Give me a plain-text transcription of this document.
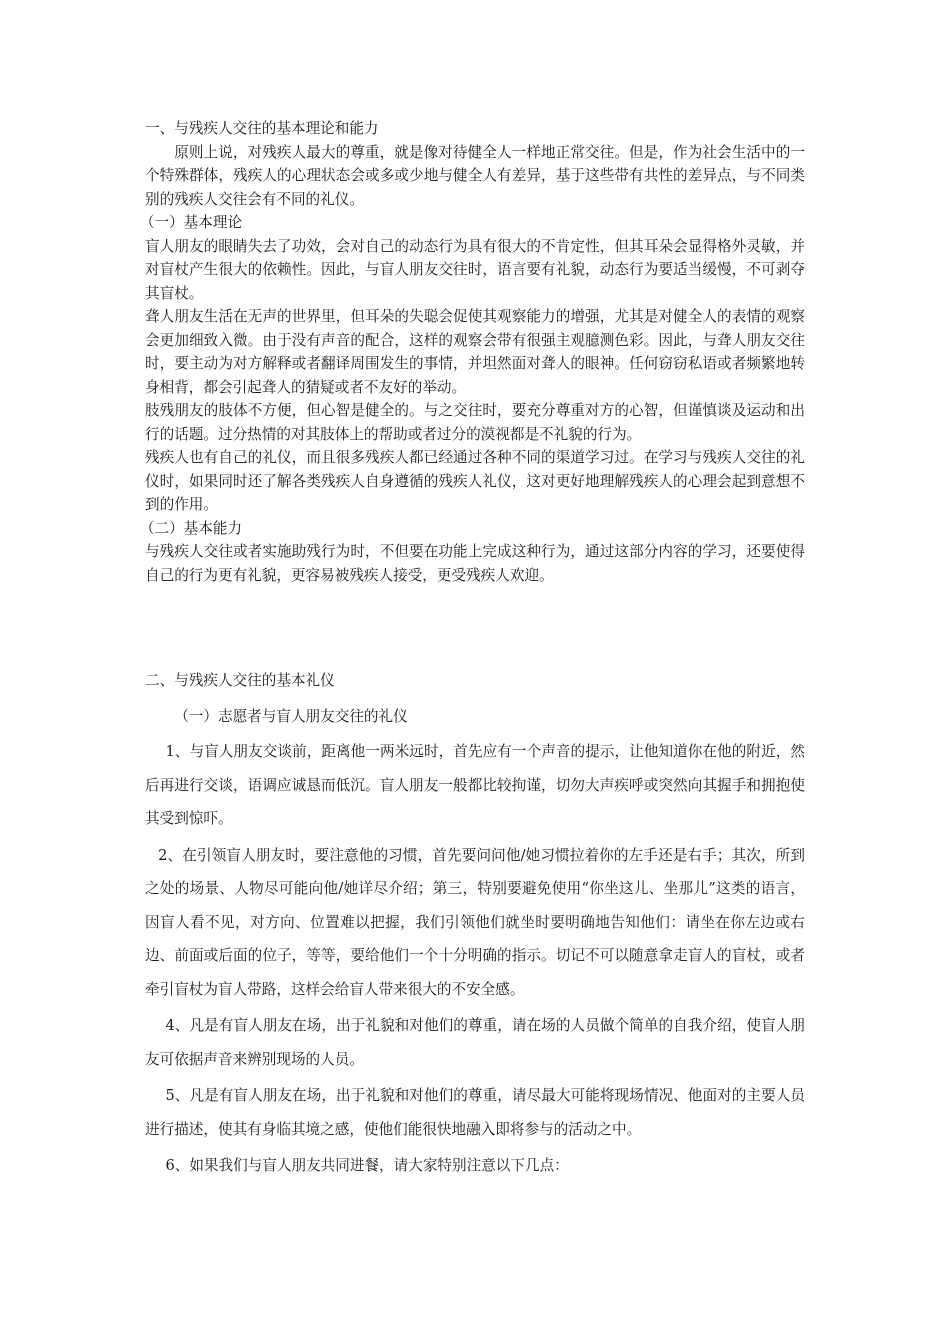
一、与残疾人交往的基本理论和能力

原则上说，对残疾人最大的尊重，就是像对待健全人一样地正常交往。但是，作为社会生活中的一个特殊群体，残疾人的心理状态会或多或少地与健全人有差异，基于这些带有共性的差异点，与不同类别的残疾人交往会有不同的礼仪。

（一）基本理论

盲人朋友的眼睛失去了功效，会对自己的动态行为具有很大的不肯定性，但其耳朵会显得格外灵敏，并对盲杖产生很大的依赖性。因此，与盲人朋友交往时，语言要有礼貌，动态行为要适当缓慢，不可剥夺其盲杖。

聋人朋友生活在无声的世界里，但耳朵的失聪会促使其观察能力的增强，尤其是对健全人的表情的观察会更加细致入微。由于没有声音的配合，这样的观察会带有很强主观臆测色彩。因此，与聋人朋友交往时，要主动为对方解释或者翻译周围发生的事情，并坦然面对聋人的眼神。任何窃窃私语或者频繁地转身相背，都会引起聋人的猜疑或者不友好的举动。

肢残朋友的肢体不方便，但心智是健全的。与之交往时，要充分尊重对方的心智，但谨慎谈及运动和出行的话题。过分热情的对其肢体上的帮助或者过分的漠视都是不礼貌的行为。

残疾人也有自己的礼仪，而且很多残疾人都已经通过各种不同的渠道学习过。在学习与残疾人交往的礼仪时，如果同时还了解各类残疾人自身遵循的残疾人礼仪，这对更好地理解残疾人的心理会起到意想不到的作用。

（二）基本能力

与残疾人交往或者实施助残行为时，不但要在功能上完成这种行为，通过这部分内容的学习，还要使得自己的行为更有礼貌，更容易被残疾人接受，更受残疾人欢迎。

二、与残疾人交往的基本礼仪

（一）志愿者与盲人朋友交往的礼仪

1、与盲人朋友交谈前，距离他一两米远时，首先应有一个声音的提示，让他知道你在他的附近，然后再进行交谈，语调应诚恳而低沉。盲人朋友一般都比较拘谨，切勿大声疾呼或突然向其握手和拥抱使其受到惊吓。

2、在引领盲人朋友时，要注意他的习惯，首先要问问他/她习惯拉着你的左手还是右手；其次，所到之处的场景、人物尽可能向他/她详尽介绍；第三，特别要避免使用“你坐这儿、坐那儿”这类的语言，因盲人看不见，对方向、位置难以把握，我们引领他们就坐时要明确地告知他们：请坐在你左边或右边、前面或后面的位子，等等，要给他们一个十分明确的指示。切记不可以随意拿走盲人的盲杖，或者牵引盲杖为盲人带路，这样会给盲人带来很大的不安全感。

4、凡是有盲人朋友在场，出于礼貌和对他们的尊重，请在场的人员做个简单的自我介绍，使盲人朋友可依据声音来辨别现场的人员。

5、凡是有盲人朋友在场，出于礼貌和对他们的尊重，请尽最大可能将现场情况、他面对的主要人员进行描述，使其有身临其境之感，使他们能很快地融入即将参与的活动之中。

6、如果我们与盲人朋友共同进餐，请大家特别注意以下几点：
